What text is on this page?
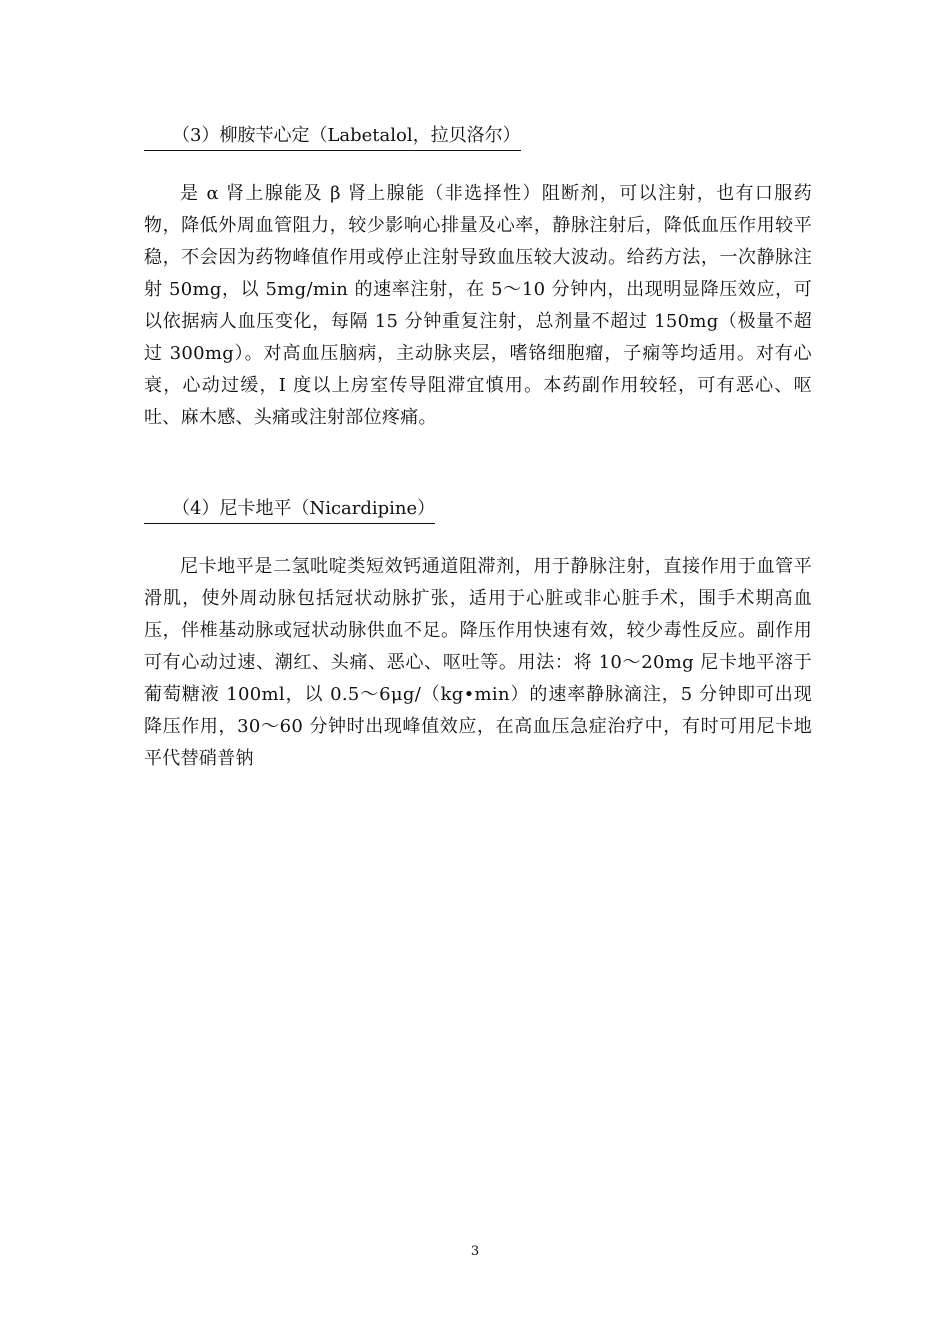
（3）柳胺苄心定（Labetalol，拉贝洛尔）

是 α 肾上腺能及 β 肾上腺能（非选择性）阻断剂，可以注射，也有口服药物，降低外周血管阻力，较少影响心排量及心率，静脉注射后，降低血压作用较平稳，不会因为药物峰值作用或停止注射导致血压较大波动。给药方法，一次静脉注射 50mg，以 5mg/min 的速率注射，在 5～10 分钟内，出现明显降压效应，可以依据病人血压变化，每隔 15 分钟重复注射，总剂量不超过 150mg（极量不超过 300mg）。对高血压脑病，主动脉夹层，嗜铬细胞瘤，子痫等均适用。对有心衰，心动过缓，I 度以上房室传导阻滞宜慎用。本药副作用较轻，可有恶心、呕吐、麻木感、头痛或注射部位疼痛。

（4）尼卡地平（Nicardipine）

尼卡地平是二氢吡啶类短效钙通道阻滞剂，用于静脉注射，直接作用于血管平滑肌，使外周动脉包括冠状动脉扩张，适用于心脏或非心脏手术，围手术期高血压，伴椎基动脉或冠状动脉供血不足。降压作用快速有效，较少毒性反应。副作用可有心动过速、潮红、头痛、恶心、呕吐等。用法：将 10～20mg 尼卡地平溶于葡萄糖液 100ml，以 0.5～6μg/（kg•min）的速率静脉滴注，5 分钟即可出现降压作用，30～60 分钟时出现峰值效应，在高血压急症治疗中，有时可用尼卡地平代替硝普钠

3
